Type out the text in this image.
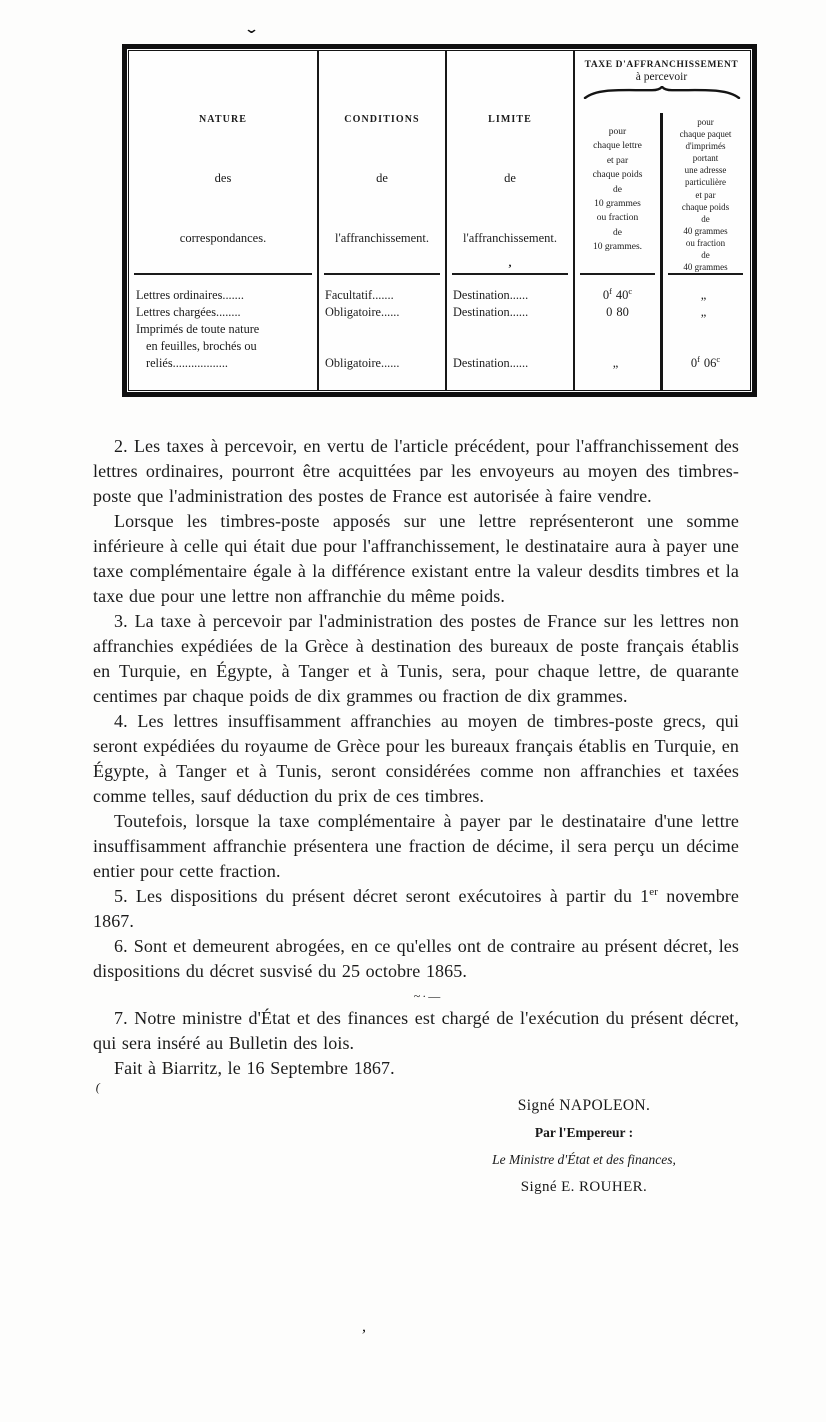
⌄
NATURE
des
correspondances.
Lettres ordinaires.......
Lettres chargées........
Imprimés de toute nature
en feuilles, brochés ou
reliés..................
CONDITIONS
de
l'affranchissement.
Facultatif.......
Obligatoire......
Obligatoire......
LIMITE
de
l'affranchissement.
,
Destination......
Destination......
Destination......
TAXE D'AFFRANCHISSEMENT
à percevoir
pour
chaque lettre
et par
chaque poids
de
10 grammes
ou fraction
de
10 grammes.
0$^f$ 40$^c$
0 80
„
pour
chaque paquet
d'imprimés
portant
une adresse
particulière
et par
chaque poids
de
40 grammes
ou fraction
de
40 grammes
„
„
0$^f$ 06$^c$

2. Les taxes à percevoir, en vertu de l'article précédent, pour l'affranchissement des lettres ordinaires, pourront être acquittées par les envoyeurs au moyen des timbres-poste que l'administration des postes de France est autorisée à faire vendre.

Lorsque les timbres-poste apposés sur une lettre représenteront une somme inférieure à celle qui était due pour l'affranchissement, le destinataire aura à payer une taxe complémentaire égale à la différence existant entre la valeur desdits timbres et la taxe due pour une lettre non affranchie du même poids.

3. La taxe à percevoir par l'administration des postes de France sur les lettres non affranchies expédiées de la Grèce à destination des bureaux de poste français établis en Turquie, en Égypte, à Tanger et à Tunis, sera, pour chaque lettre, de quarante centimes par chaque poids de dix grammes ou fraction de dix grammes.

4. Les lettres insuffisamment affranchies au moyen de timbres-poste grecs, qui seront expédiées du royaume de Grèce pour les bureaux français établis en Turquie, en Égypte, à Tanger et à Tunis, seront considérées comme non affranchies et taxées comme telles, sauf déduction du prix de ces timbres.

Toutefois, lorsque la taxe complémentaire à payer par le destinataire d'une lettre insuffisamment affranchie présentera une fraction de décime, il sera perçu un décime entier pour cette fraction.

5. Les dispositions du présent décret seront exécutoires à partir du 1er novembre 1867.

6. Sont et demeurent abrogées, en ce qu'elles ont de contraire au présent décret, les dispositions du décret susvisé du 25 octobre 1865.

~·—

7. Notre ministre d'État et des finances est chargé de l'exécution du présent décret, qui sera inséré au Bulletin des lois.

Fait à Biarritz, le 16 Septembre 1867.

Signé NAPOLEON.
Par l'Empereur :
Le Ministre d'État et des finances,
Signé E. ROUHER.
(
,
